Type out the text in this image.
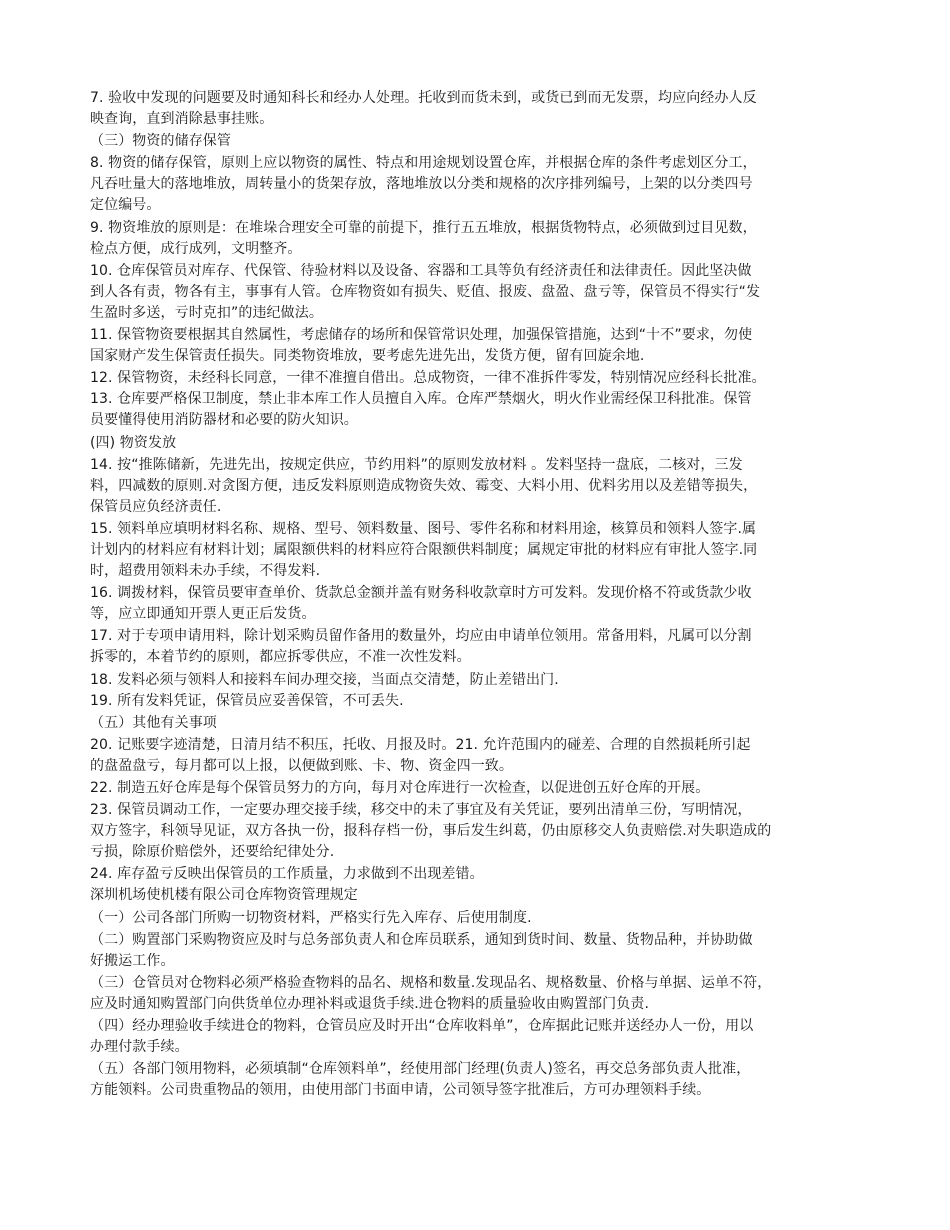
7. 验收中发现的问题要及时通知科长和经办人处理。托收到而货未到，或货已到而无发票，均应向经办人反
映查询，直到消除悬事挂账。
（三）物资的储存保管
8. 物资的储存保管，原则上应以物资的属性、特点和用途规划设置仓库，并根据仓库的条件考虑划区分工，
凡吞吐量大的落地堆放，周转量小的货架存放，落地堆放以分类和规格的次序排列编号，上架的以分类四号
定位编号。
9. 物资堆放的原则是：在堆垛合理安全可靠的前提下，推行五五堆放，根据货物特点，必须做到过目见数，
检点方便，成行成列，文明整齐。
10. 仓库保管员对库存、代保管、待验材料以及设备、容器和工具等负有经济责任和法律责任。因此坚决做
到人各有责，物各有主，事事有人管。仓库物资如有损失、贬值、报废、盘盈、盘亏等，保管员不得实行“发
生盈时多送，亏时克扣”的违纪做法。
11. 保管物资要根据其自然属性，考虑储存的场所和保管常识处理，加强保管措施，达到“十不”要求，勿使
国家财产发生保管责任损失。同类物资堆放，要考虑先进先出，发货方便，留有回旋余地.
12. 保管物资，未经科长同意，一律不准擅自借出。总成物资，一律不准拆件零发，特别情况应经科长批准。
13. 仓库要严格保卫制度，禁止非本库工作人员擅自入库。仓库严禁烟火，明火作业需经保卫科批准。保管
员要懂得使用消防器材和必要的防火知识。
(四) 物资发放
14. 按“推陈储新，先进先出，按规定供应，节约用料”的原则发放材料 。发料坚持一盘底，二核对，三发
料，四减数的原则.对贪图方便，违反发料原则造成物资失效、霉变、大料小用、优料劣用以及差错等损失，
保管员应负经济责任.
15. 领料单应填明材料名称、规格、型号、领料数量、图号、零件名称和材料用途，核算员和领料人签字.属
计划内的材料应有材料计划；属限额供料的材料应符合限额供料制度；属规定审批的材料应有审批人签字.同
时，超费用领料未办手续，不得发料.
16. 调拨材料，保管员要审查单价、货款总金额并盖有财务科收款章时方可发料。发现价格不符或货款少收
等，应立即通知开票人更正后发货。
17. 对于专项申请用料，除计划采购员留作备用的数量外，均应由申请单位领用。常备用料，凡属可以分割
拆零的，本着节约的原则，都应拆零供应，不准一次性发料。
18. 发料必须与领料人和接料车间办理交接，当面点交清楚，防止差错出门.
19. 所有发料凭证，保管员应妥善保管，不可丢失.
（五）其他有关事项
20. 记账要字迹清楚，日清月结不积压，托收、月报及时。21. 允许范围内的碰差、合理的自然损耗所引起
的盘盈盘亏，每月都可以上报，以便做到账、卡、物、资金四一致。
22. 制造五好仓库是每个保管员努力的方向，每月对仓库进行一次检查，以促进创五好仓库的开展。
23. 保管员调动工作，一定要办理交接手续，移交中的未了事宜及有关凭证，要列出清单三份，写明情况，
双方签字，科领导见证，双方各执一份，报科存档一份，事后发生纠葛，仍由原移交人负责赔偿.对失职造成的
亏损，除原价赔偿外，还要给纪律处分.
24. 库存盈亏反映出保管员的工作质量，力求做到不出现差错。
深圳机场使机楼有限公司仓库物资管理规定
（一）公司各部门所购一切物资材料，严格实行先入库存、后使用制度.
（二）购置部门采购物资应及时与总务部负责人和仓库员联系，通知到货时间、数量、货物品种，并协助做
好搬运工作。
（三）仓管员对仓物料必须严格验查物料的品名、规格和数量.发现品名、规格数量、价格与单据、运单不符，
应及时通知购置部门向供货单位办理补料或退货手续.进仓物料的质量验收由购置部门负责.
（四）经办理验收手续进仓的物料，仓管员应及时开出“仓库收料单”，仓库据此记账并送经办人一份，用以
办理付款手续。
（五）各部门领用物料，必须填制“仓库领料单”，经使用部门经理(负责人)签名，再交总务部负责人批准，
方能领料。公司贵重物品的领用，由使用部门书面申请，公司领导签字批准后，方可办理领料手续。
